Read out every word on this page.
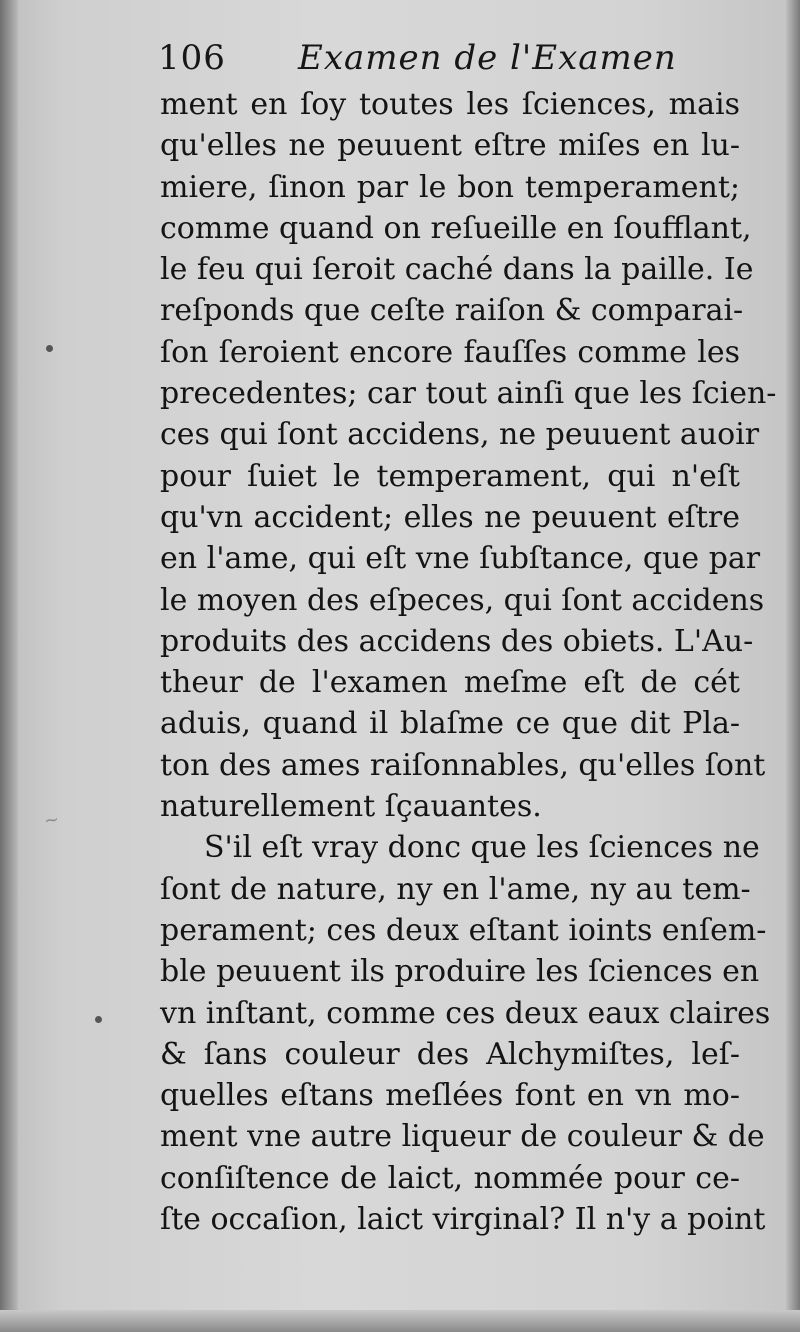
106 Examen de l'Examen
~
ment en ſoy toutes les ſciences, mais
qu'elles ne peuuent eſtre miſes en lu-
miere, ſinon par le bon temperament;
comme quand on reſueille en ſoufflant,
le feu qui ſeroit caché dans la paille. Ie
reſponds que ceſte raiſon & comparai-
ſon ſeroient encore fauſſes comme les
precedentes; car tout ainſi que les ſcien-
ces qui ſont accidens, ne peuuent auoir
pour ſuiet le temperament, qui n'eſt
qu'vn accident; elles ne peuuent eſtre
en l'ame, qui eſt vne ſubſtance, que par
le moyen des eſpeces, qui ſont accidens
produits des accidens des obiets. L'Au-
theur de l'examen meſme eſt de cét
aduis, quand il blaſme ce que dit Pla-
ton des ames raiſonnables, qu'elles ſont
naturellement ſçauantes.
S'il eſt vray donc que les ſciences ne
ſont de nature, ny en l'ame, ny au tem-
perament; ces deux eſtant ioints enſem-
ble peuuent ils produire les ſciences en
vn inſtant, comme ces deux eaux claires
& ſans couleur des Alchymiſtes, leſ-
quelles eſtans meſlées font en vn mo-
ment vne autre liqueur de couleur & de
conſiſtence de laict, nommée pour ce-
ſte occaſion, laict virginal? Il n'y a point
